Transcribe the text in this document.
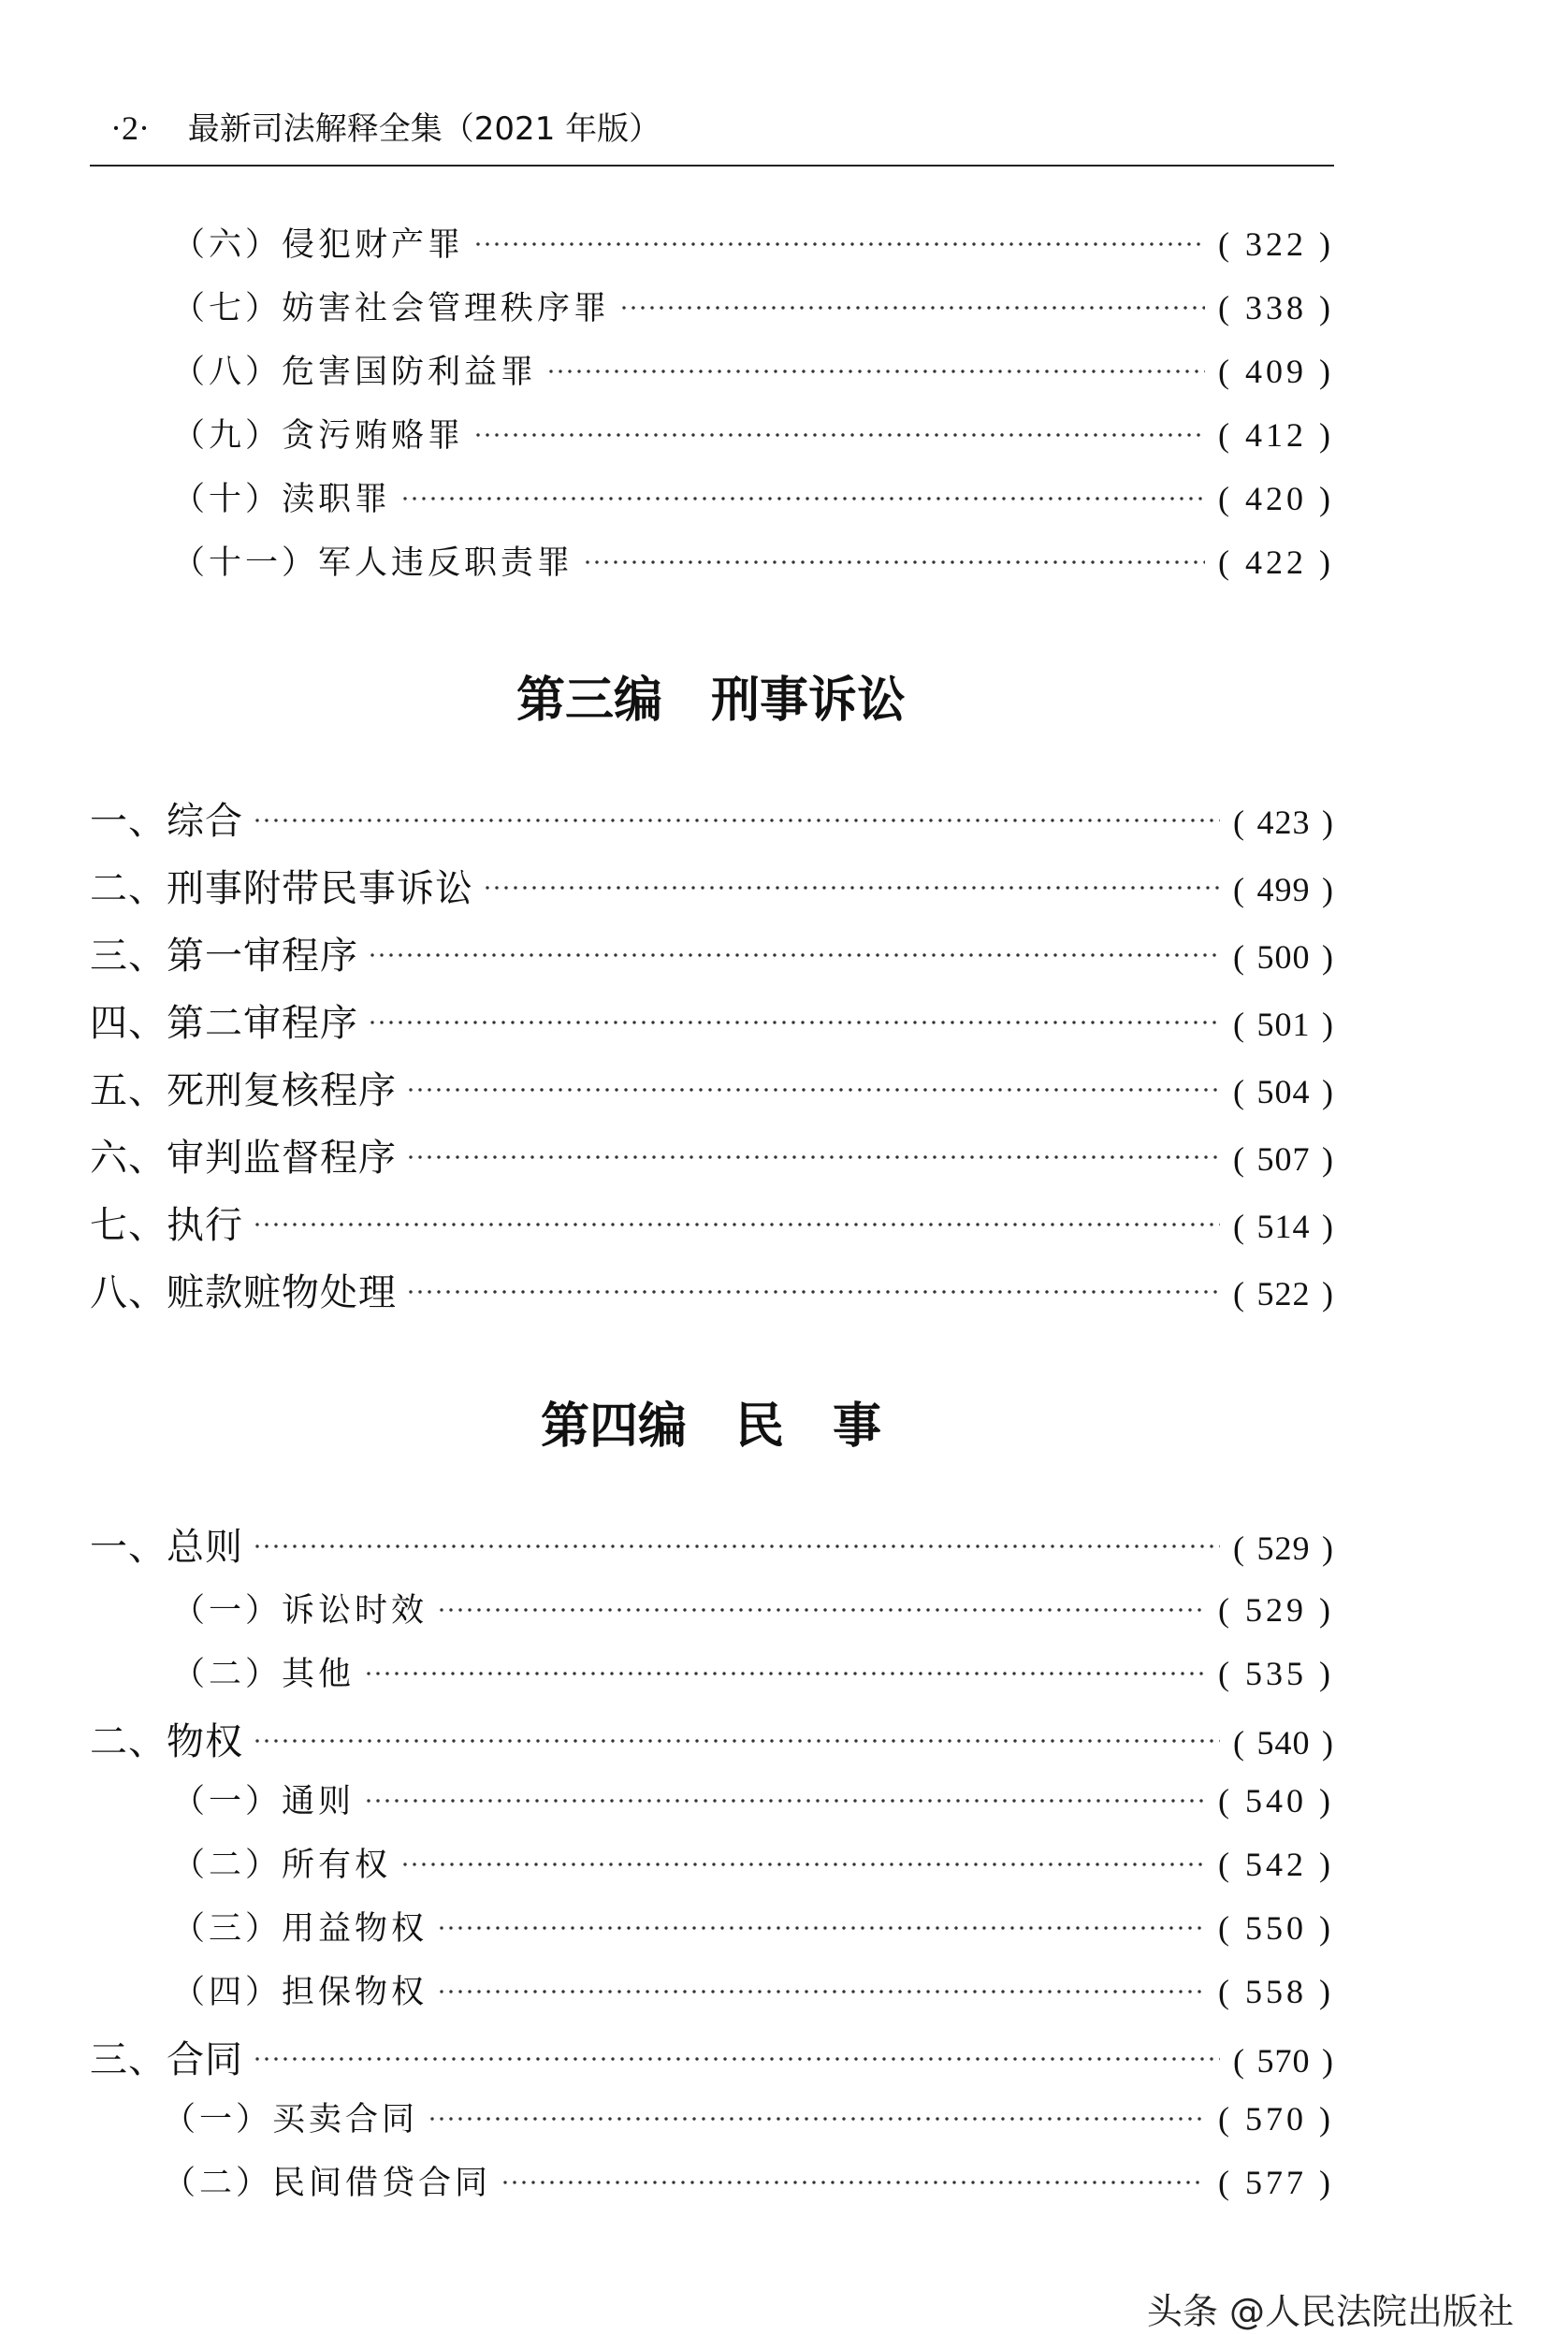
·2· 最新司法解释全集（2021 年版）
（六）侵犯财产罪	( 322 )
（七）妨害社会管理秩序罪	( 338 )
（八）危害国防利益罪	( 409 )
（九）贪污贿赂罪	( 412 )
（十）渎职罪	( 420 )
（十一）军人违反职责罪	( 422 )
第三编　刑事诉讼
一、综合	( 423 )
二、刑事附带民事诉讼	( 499 )
三、第一审程序	( 500 )
四、第二审程序	( 501 )
五、死刑复核程序	( 504 )
六、审判监督程序	( 507 )
七、执行	( 514 )
八、赃款赃物处理	( 522 )
第四编　民　事
一、总则	( 529 )
（一）诉讼时效	( 529 )
（二）其他	( 535 )
二、物权	( 540 )
（一）通则	( 540 )
（二）所有权	( 542 )
（三）用益物权	( 550 )
（四）担保物权	( 558 )
三、合同	( 570 )
（一）买卖合同	( 570 )
（二）民间借贷合同	( 577 )
头条 @人民法院出版社
